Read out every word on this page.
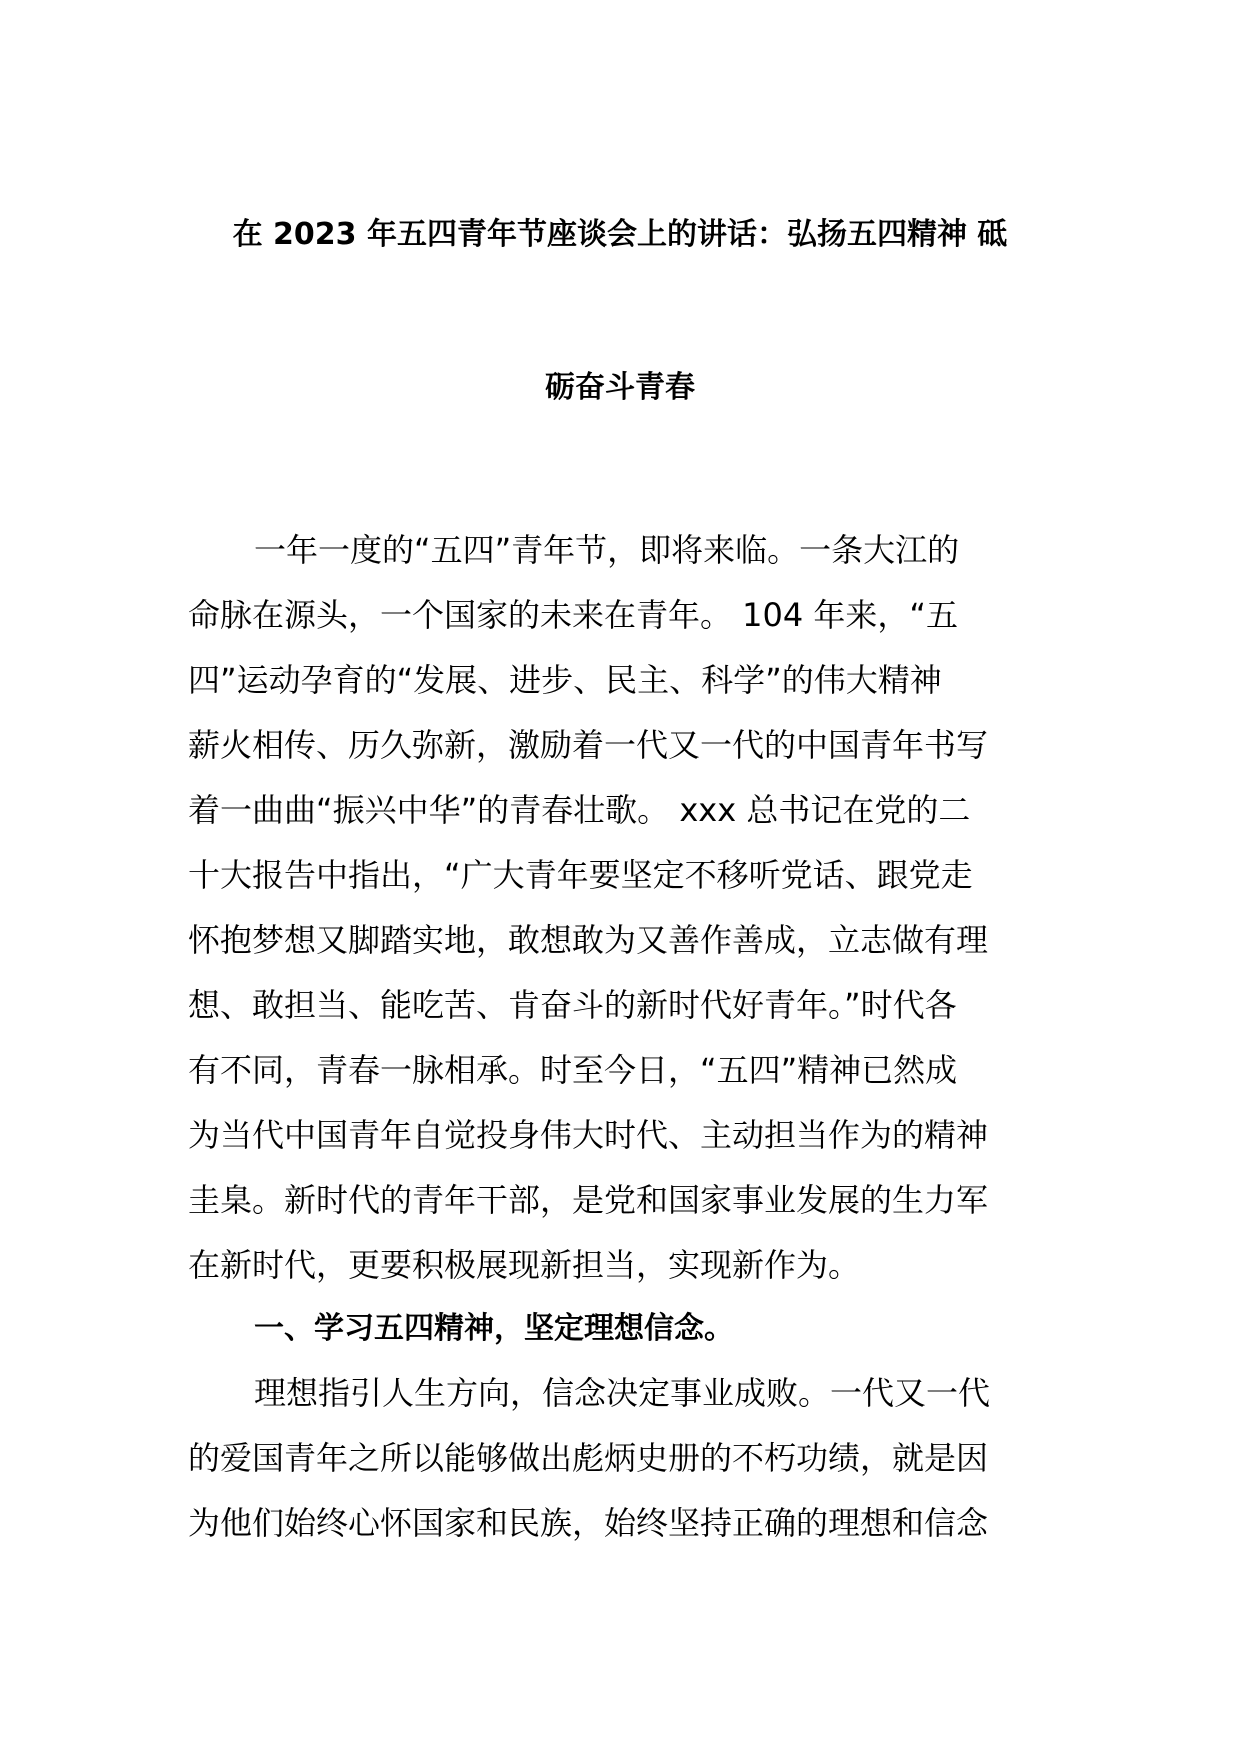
在 2023 年五四青年节座谈会上的讲话：弘扬五四精神 砥
砺奋斗青春
一年一度的“五四”青年节，即将来临。一条大江的
命脉在源头，一个国家的未来在青年。 104 年来，“五
四”运动孕育的“发展、进步、民主、科学”的伟大精神
薪火相传、历久弥新，激励着一代又一代的中国青年书写
着一曲曲“振兴中华”的青春壮歌。 xxx 总书记在党的二
十大报告中指出，“广大青年要坚定不移听党话、跟党走
怀抱梦想又脚踏实地，敢想敢为又善作善成，立志做有理
想、敢担当、能吃苦、肯奋斗的新时代好青年。”时代各
有不同，青春一脉相承。时至今日，“五四”精神已然成
为当代中国青年自觉投身伟大时代、主动担当作为的精神
圭臬。新时代的青年干部，是党和国家事业发展的生力军
在新时代，更要积极展现新担当，实现新作为。
一、学习五四精神，坚定理想信念。
理想指引人生方向，信念决定事业成败。一代又一代
的爱国青年之所以能够做出彪炳史册的不朽功绩，就是因
为他们始终心怀国家和民族，始终坚持正确的理想和信念
